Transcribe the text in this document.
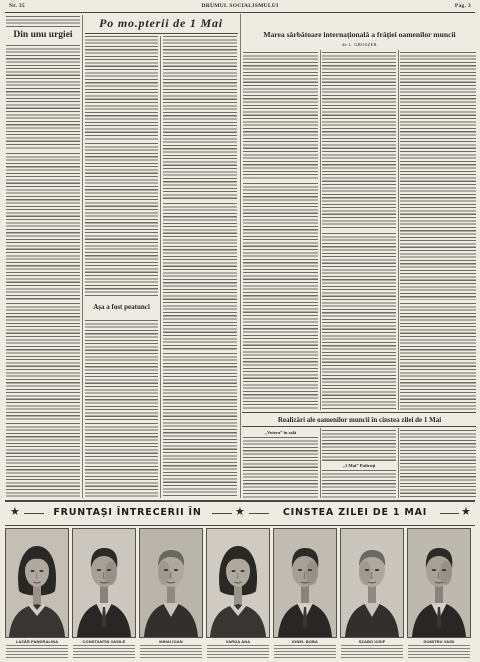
Nr. 35	DRUMUL SOCIALISMULUI	Pag. 3
Din unu urgiei
Po mo.pterii de 1 Mai
Așa a fost peatunci
Marea sărbătoare internațională a frăției oamenilor muncii
de L. GROSZER
Realizări ale oamenilor muncii în cinstea zilei de 1 Mai
„Vuiera” în sală
„1 Mai” Pufiruți
★	★	★
FRUNTAȘI ÎNTRECERII ÎN	CINSTEA ZILEI DE 1 MAI
LAZĂR PANDRALINA	CONSTANTIN VASILE	MIHAI IOAN	VARGA ANA	IONEL BOBA	SZABO IOSIF	DUMITRU VASII
